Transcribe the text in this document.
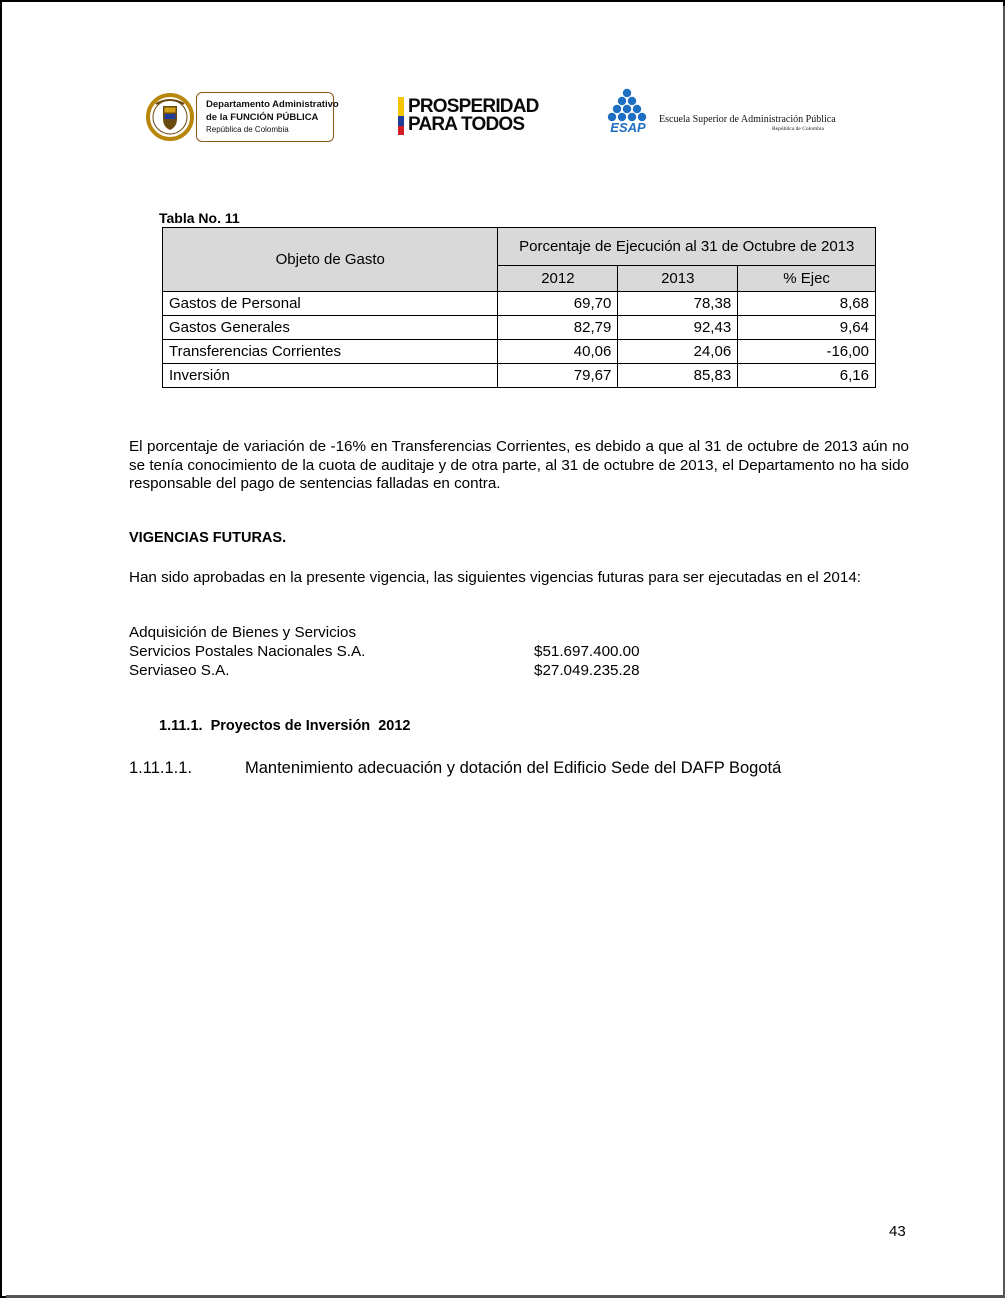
Departamento Administrativo
de la FUNCIÓN PÚBLICA
República de Colombia
PROSPERIDAD
PARA TODOS	ESAP
Escuela Superior de Administración Pública
República de Colombia
Tabla No. 11
Objeto de Gasto	Porcentaje de Ejecución al 31 de Octubre de 2013		
	2012	2013	% Ejec
Gastos de Personal	69,70	78,38	8,68
Gastos Generales	82,79	92,43	9,64
Transferencias Corrientes	40,06	24,06	-16,00
Inversión	79,67	85,83	6,16
El porcentaje de variación de -16% en Transferencias Corrientes, es debido a que al 31 de octubre de 2013 aún no se tenía conocimiento de la cuota de auditaje y de otra parte, al 31 de octubre de 2013, el Departamento no ha sido responsable del pago de sentencias falladas en contra.
VIGENCIAS FUTURAS.
Han sido aprobadas en la presente vigencia, las siguientes vigencias futuras para ser ejecutadas en el 2014:
Adquisición de Bienes y Servicios
Servicios Postales Nacionales S.A.	$51.697.400.00
Serviaseo S.A.	$27.049.235.28
1.11.1.  Proyectos de Inversión  2012
1.11.1.1.	Mantenimiento adecuación y dotación del Edificio Sede del DAFP Bogotá
43
